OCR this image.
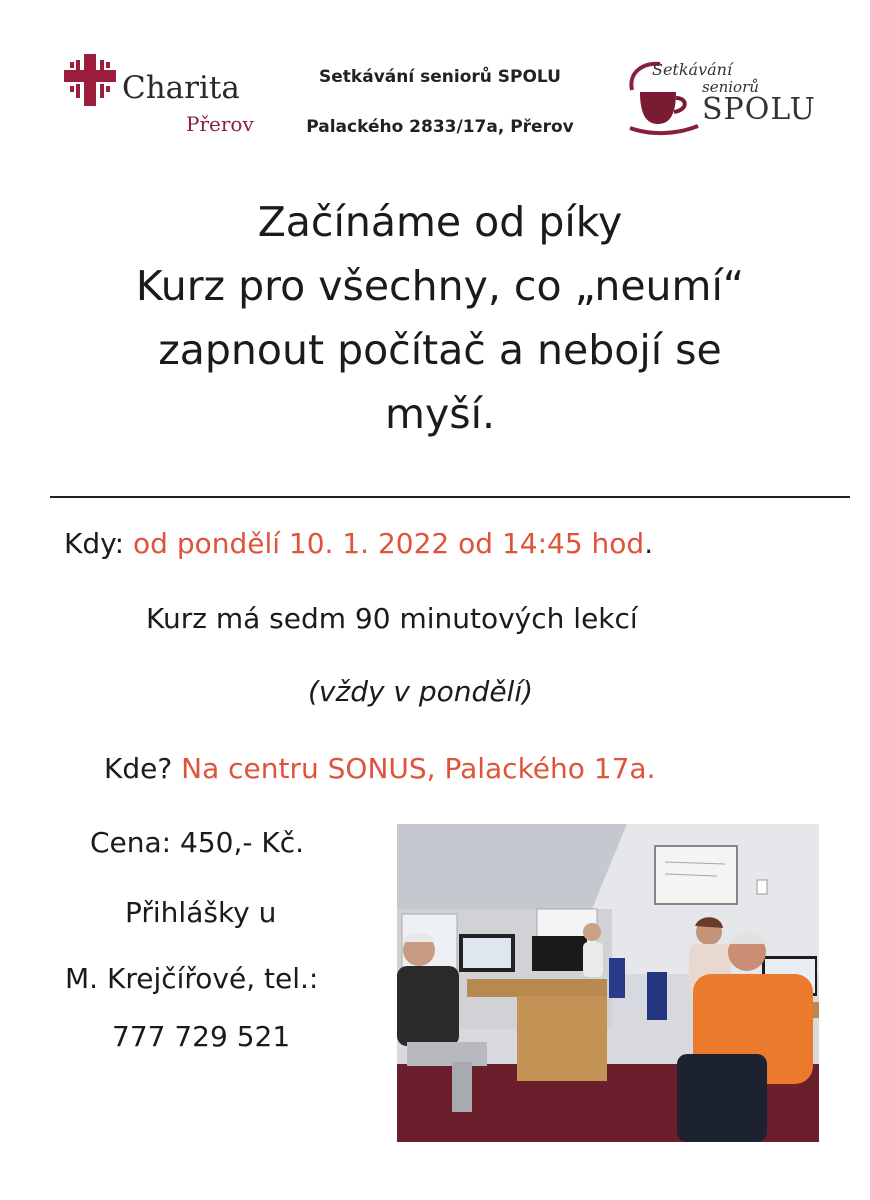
Charita
Přerov
Setkávání seniorů SPOLU
Palackého 2833/17a, Přerov
Setkávání
seniorů
SPOLU
Začínáme od píky
Kurz pro všechny, co „neumí“
zapnout počítač a nebojí se
myší.
Kdy: od pondělí 10. 1. 2022 od 14:45 hod.
Kurz má sedm 90 minutových lekcí
(vždy v pondělí)
Kde? Na centru SONUS, Palackého 17a.
Cena: 450,- Kč.
Přihlášky u
M. Krejčířové, tel.:
777 729 521
